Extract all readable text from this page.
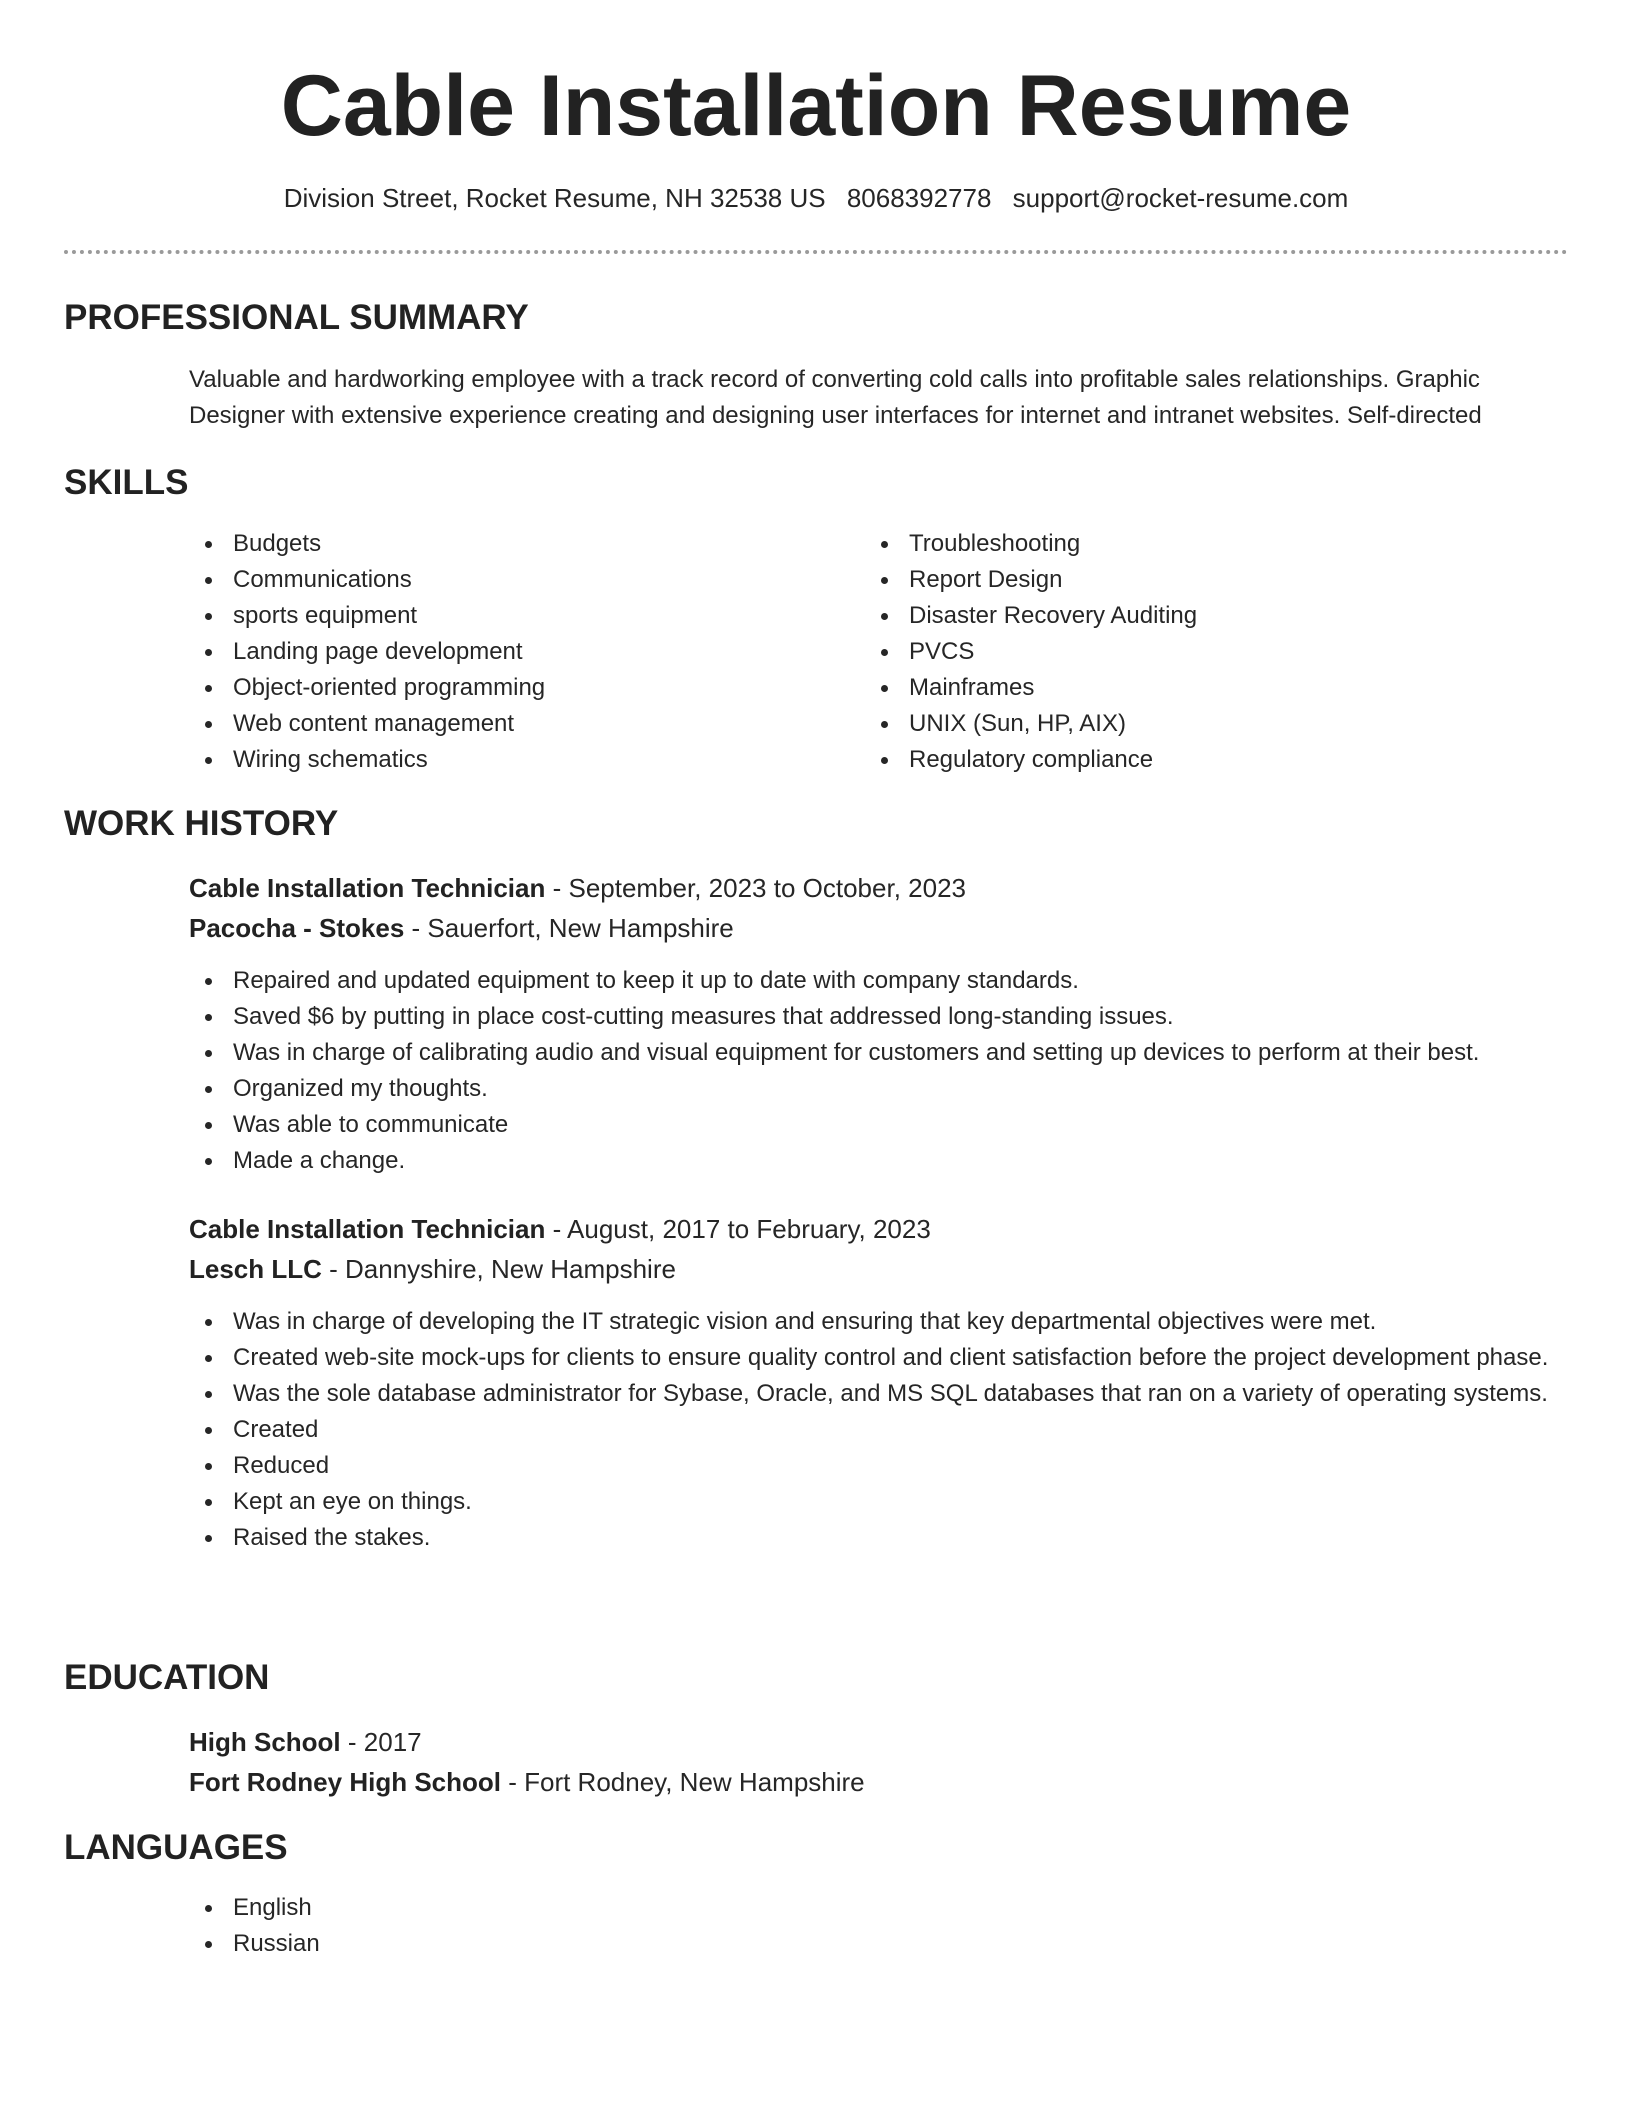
Cable Installation Resume
Division Street, Rocket Resume, NH 32538 US 8068392778 support@rocket-resume.com
PROFESSIONAL SUMMARY

Valuable and hardworking employee with a track record of converting cold calls into profitable sales relationships. Graphic Designer with extensive experience creating and designing user interfaces for internet and intranet websites. Self-directed

SKILLS
Budgets
Communications
sports equipment
Landing page development
Object-oriented programming
Web content management
Wiring schematics
Troubleshooting
Report Design
Disaster Recovery Auditing
PVCS
Mainframes
UNIX (Sun, HP, AIX)
Regulatory compliance
WORK HISTORY
Cable Installation Technician - September, 2023 to October, 2023
Pacocha - Stokes - Sauerfort, New Hampshire
Repaired and updated equipment to keep it up to date with company standards.
Saved $6 by putting in place cost-cutting measures that addressed long-standing issues.
Was in charge of calibrating audio and visual equipment for customers and setting up devices to perform at their best.
Organized my thoughts.
Was able to communicate
Made a change.
Cable Installation Technician - August, 2017 to February, 2023
Lesch LLC - Dannyshire, New Hampshire
Was in charge of developing the IT strategic vision and ensuring that key departmental objectives were met.
Created web-site mock-ups for clients to ensure quality control and client satisfaction before the project development phase.
Was the sole database administrator for Sybase, Oracle, and MS SQL databases that ran on a variety of operating systems.
Created
Reduced
Kept an eye on things.
Raised the stakes.
EDUCATION
High School - 2017
Fort Rodney High School - Fort Rodney, New Hampshire
LANGUAGES
English
Russian
